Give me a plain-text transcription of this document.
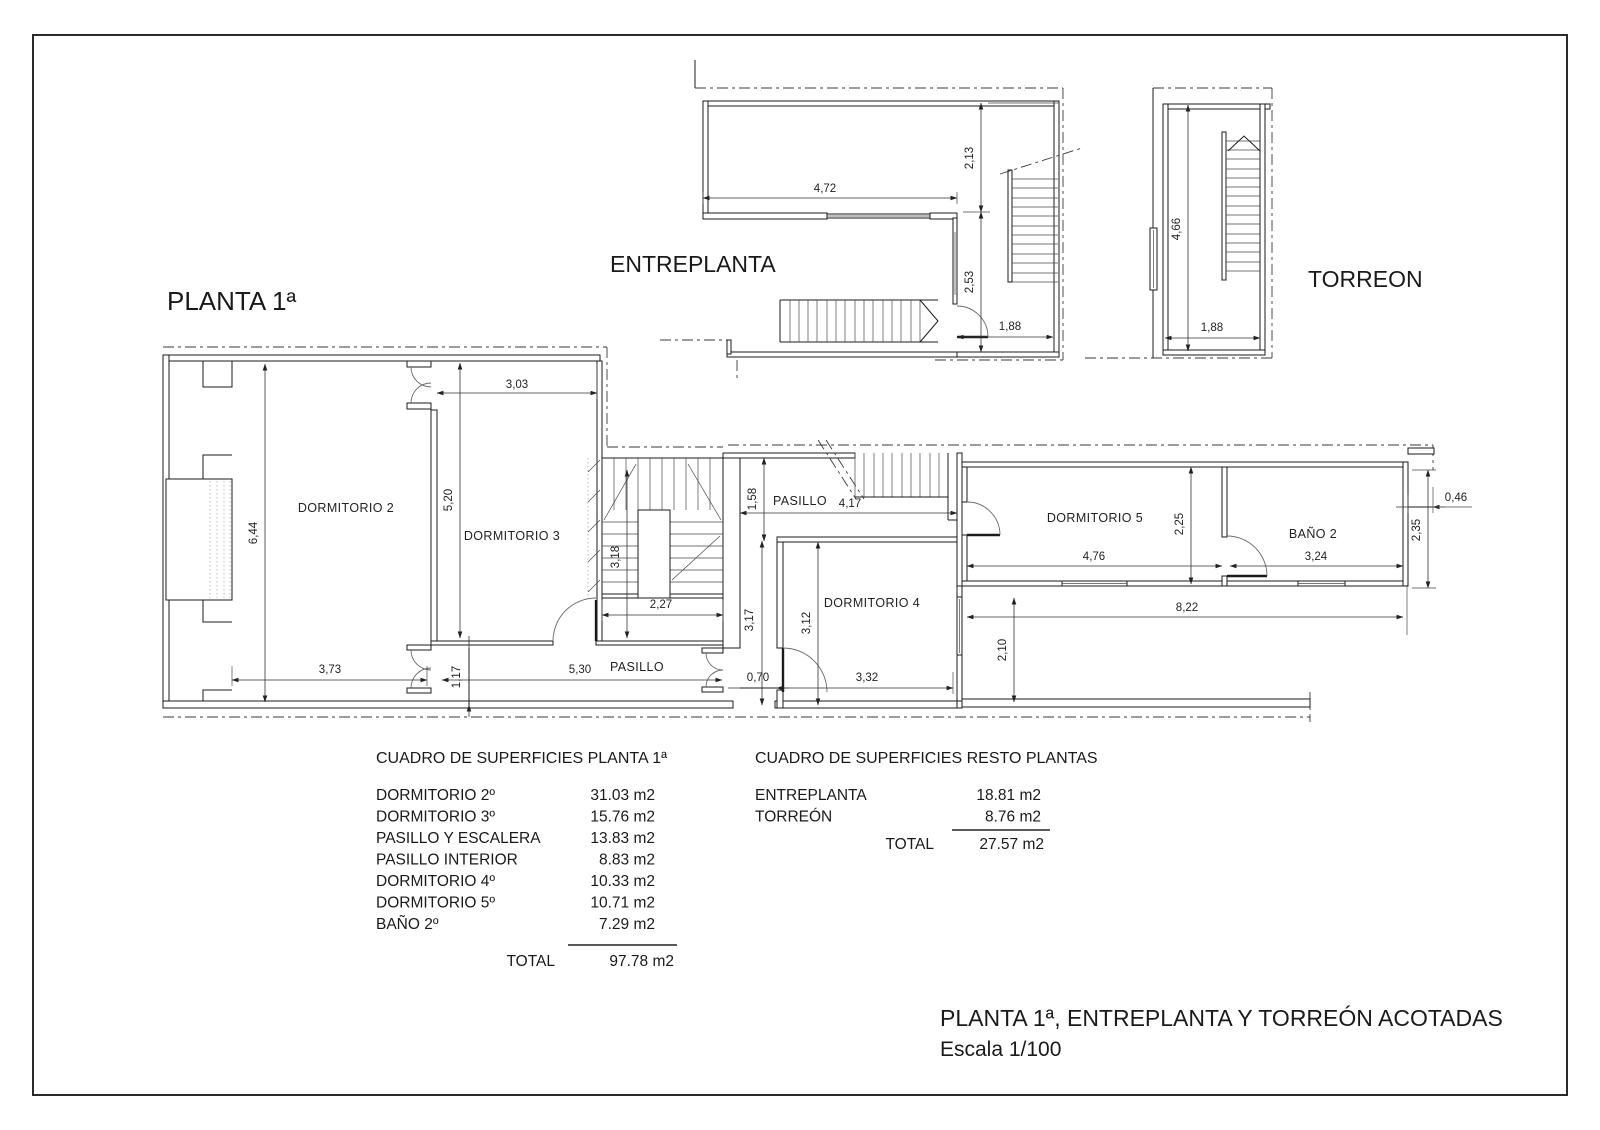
4,72
2,13
2,53
1,88
ENTREPLANTA
4,66
1,88
TORREON
3,03
5,20
6,44
3,73
3,18
2,27
5,30
1,17
1,58	4,17
3,17
0,70
3,12
3,32
4,76
2,25
3,24
8,22
2,10
0,46
2,35
DORMITORIO 2
DORMITORIO 3
DORMITORIO 4
DORMITORIO 5
BAÑO 2
PASILLO
PASILLO
PLANTA 1ª
CUADRO DE SUPERFICIES PLANTA 1ª
DORMITORIO 2º	31.03 m2
DORMITORIO 3º	15.76 m2
PASILLO Y ESCALERA	13.83 m2
PASILLO INTERIOR	8.83 m2
DORMITORIO 4º	10.33 m2
DORMITORIO 5º	10.71 m2
BAÑO 2º	7.29 m2
TOTAL	97.78 m2
CUADRO DE SUPERFICIES RESTO PLANTAS
ENTREPLANTA	18.81 m2
TORREÓN	8.76 m2
TOTAL	27.57 m2
PLANTA 1ª, ENTREPLANTA Y TORREÓN ACOTADAS
Escala 1/100
